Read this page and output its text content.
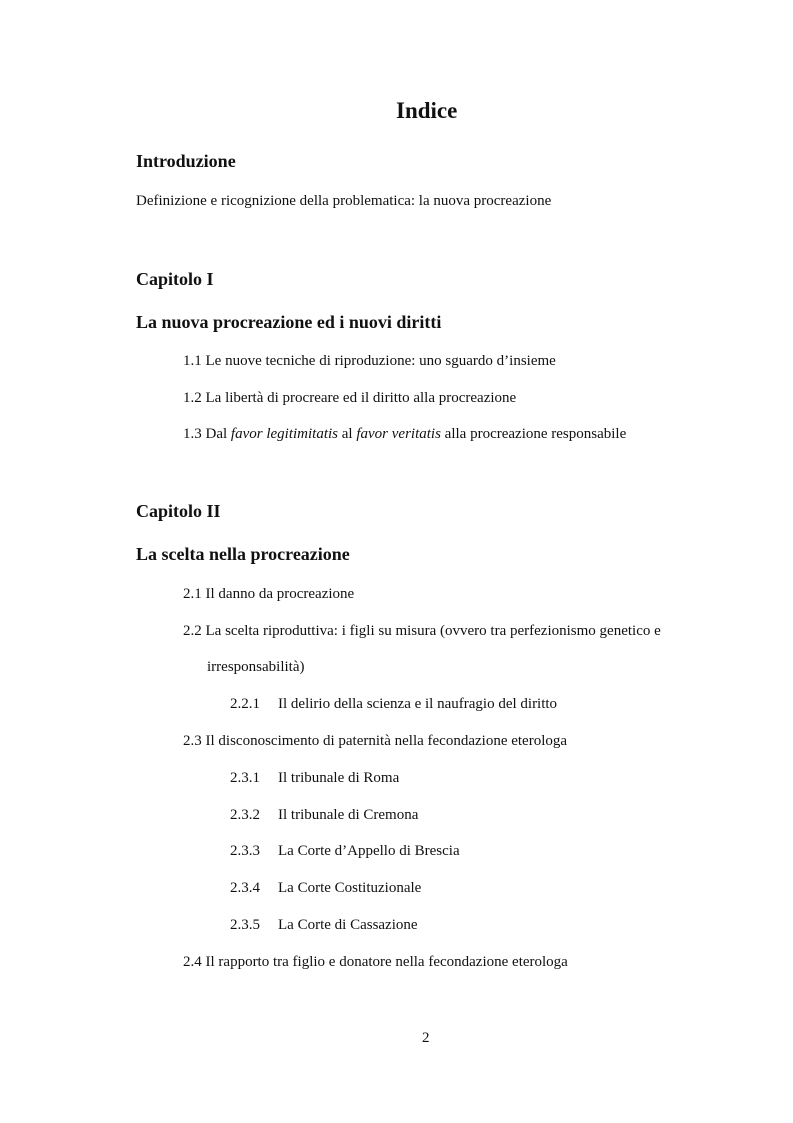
Indice
Introduzione
Definizione e ricognizione della problematica: la nuova procreazione
Capitolo I
La nuova procreazione ed i nuovi diritti
1.1 Le nuove tecniche di riproduzione: uno sguardo d’insieme
1.2 La libertà di procreare ed il diritto alla procreazione
1.3 Dal favor legitimitatis al favor veritatis alla procreazione responsabile
Capitolo II
La scelta nella procreazione
2.1 Il danno da procreazione
2.2 La scelta riproduttiva: i figli su misura (ovvero tra perfezionismo genetico e
irresponsabilità)
2.2.1 Il delirio della scienza e il naufragio del diritto
2.3 Il disconoscimento di paternità nella fecondazione eterologa
2.3.1 Il tribunale di Roma
2.3.2 Il tribunale di Cremona
2.3.3 La Corte d’Appello di Brescia
2.3.4 La Corte Costituzionale
2.3.5 La Corte di Cassazione
2.4 Il rapporto tra figlio e donatore nella fecondazione eterologa
2
